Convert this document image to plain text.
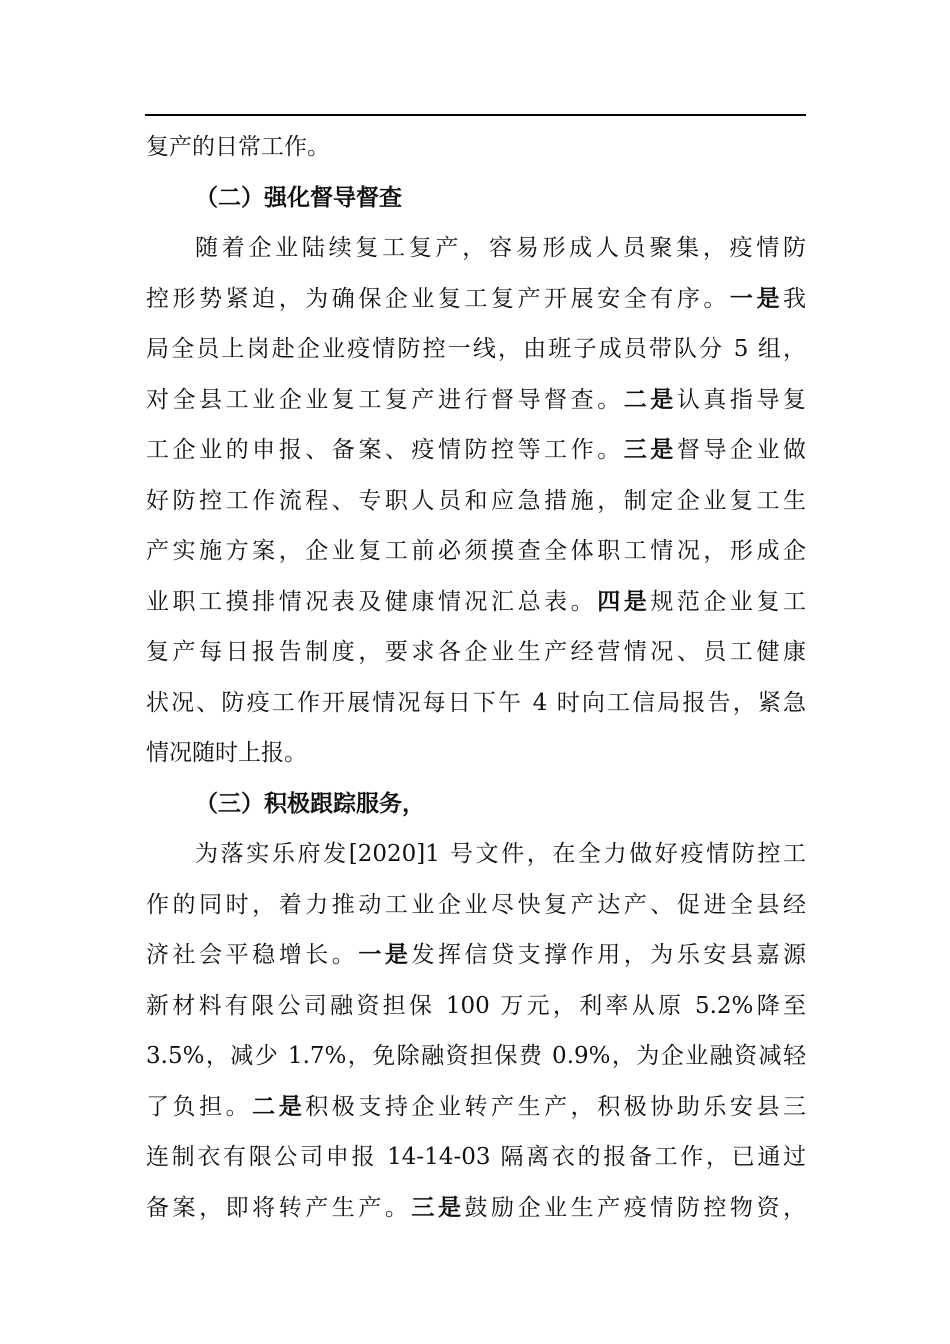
复产的日常工作。
（二）强化督导督查
随着企业陆续复工复产，容易形成人员聚集，疫情防
控形势紧迫，为确保企业复工复产开展安全有序。一是我
局全员上岗赴企业疫情防控一线，由班子成员带队分 5 组，
对全县工业企业复工复产进行督导督查。二是认真指导复
工企业的申报、备案、疫情防控等工作。三是督导企业做
好防控工作流程、专职人员和应急措施，制定企业复工生
产实施方案，企业复工前必须摸查全体职工情况，形成企
业职工摸排情况表及健康情况汇总表。四是规范企业复工
复产每日报告制度，要求各企业生产经营情况、员工健康
状况、防疫工作开展情况每日下午 4 时向工信局报告，紧急
情况随时上报。
（三）积极跟踪服务，
为落实乐府发[2020]1 号文件，在全力做好疫情防控工
作的同时，着力推动工业企业尽快复产达产、促进全县经
济社会平稳增长。一是发挥信贷支撑作用，为乐安县嘉源
新材料有限公司融资担保 100 万元，利率从原 5.2%降至
3.5%，减少 1.7%，免除融资担保费 0.9%，为企业融资减轻
了负担。二是积极支持企业转产生产，积极协助乐安县三
连制衣有限公司申报 14-14-03 隔离衣的报备工作，已通过
备案，即将转产生产。三是鼓励企业生产疫情防控物资，
